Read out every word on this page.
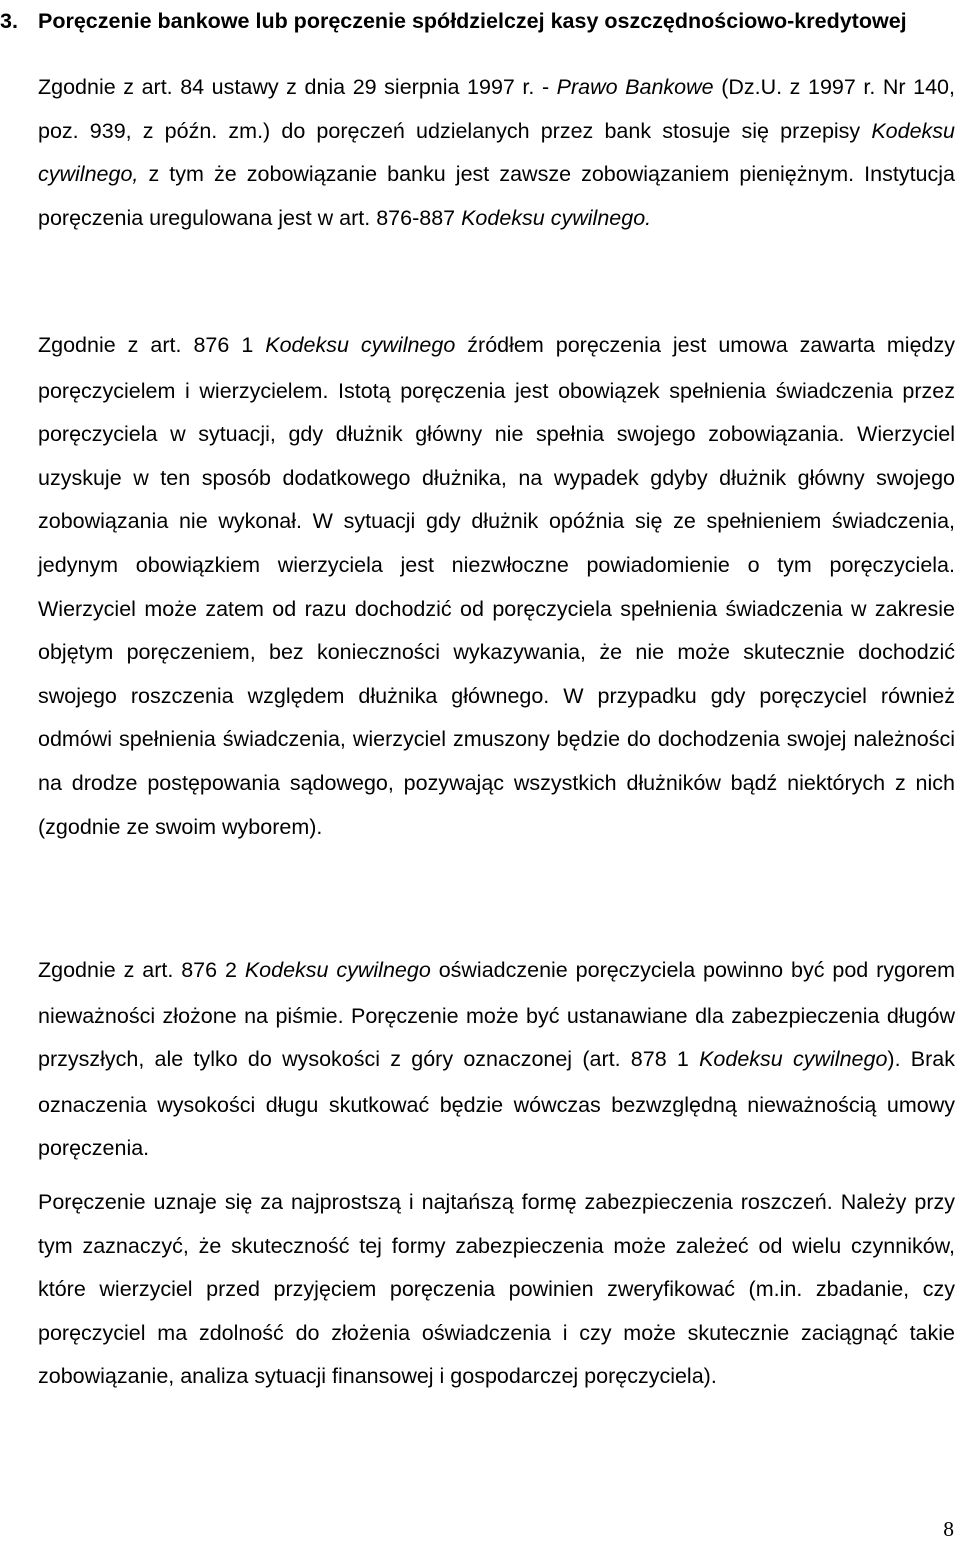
3. Poręczenie bankowe lub poręczenie spółdzielczej kasy oszczędnościowo-kredytowej

Zgodnie z art. 84 ustawy z dnia 29 sierpnia 1997 r. - Prawo Bankowe (Dz.U. z 1997 r. Nr 140, poz. 939, z późn. zm.) do poręczeń udzielanych przez bank stosuje się przepisy Kodeksu cywilnego, z tym że zobowiązanie banku jest zawsze zobowiązaniem pieniężnym. Instytucja poręczenia uregulowana jest w art. 876-887 Kodeksu cywilnego.

Zgodnie z art. 876 1 Kodeksu cywilnego źródłem poręczenia jest umowa zawarta między poręczycielem i wierzycielem. Istotą poręczenia jest obowiązek spełnienia świadczenia przez poręczyciela w sytuacji, gdy dłużnik główny nie spełnia swojego zobowiązania. Wierzyciel uzyskuje w ten sposób dodatkowego dłużnika, na wypadek gdyby dłużnik główny swojego zobowiązania nie wykonał. W sytuacji gdy dłużnik opóźnia się ze spełnieniem świadczenia, jedynym obowiązkiem wierzyciela jest niezwłoczne powiadomienie o tym poręczyciela. Wierzyciel może zatem od razu dochodzić od poręczyciela spełnienia świadczenia w zakresie objętym poręczeniem, bez konieczności wykazywania, że nie może skutecznie dochodzić swojego roszczenia względem dłużnika głównego. W przypadku gdy poręczyciel również odmówi spełnienia świadczenia, wierzyciel zmuszony będzie do dochodzenia swojej należności na drodze postępowania sądowego, pozywając wszystkich dłużników bądź niektórych z nich (zgodnie ze swoim wyborem).

Zgodnie z art. 876 2 Kodeksu cywilnego oświadczenie poręczyciela powinno być pod rygorem nieważności złożone na piśmie. Poręczenie może być ustanawiane dla zabezpieczenia długów przyszłych, ale tylko do wysokości z góry oznaczonej (art. 878 1 Kodeksu cywilnego). Brak oznaczenia wysokości długu skutkować będzie wówczas bezwzględną nieważnością umowy poręczenia.

Poręczenie uznaje się za najprostszą i najtańszą formę zabezpieczenia roszczeń. Należy przy tym zaznaczyć, że skuteczność tej formy zabezpieczenia może zależeć od wielu czynników, które wierzyciel przed przyjęciem poręczenia powinien zweryfikować (m.in. zbadanie, czy poręczyciel ma zdolność do złożenia oświadczenia i czy może skutecznie zaciągnąć takie zobowiązanie, analiza sytuacji finansowej i gospodarczej poręczyciela).

8
